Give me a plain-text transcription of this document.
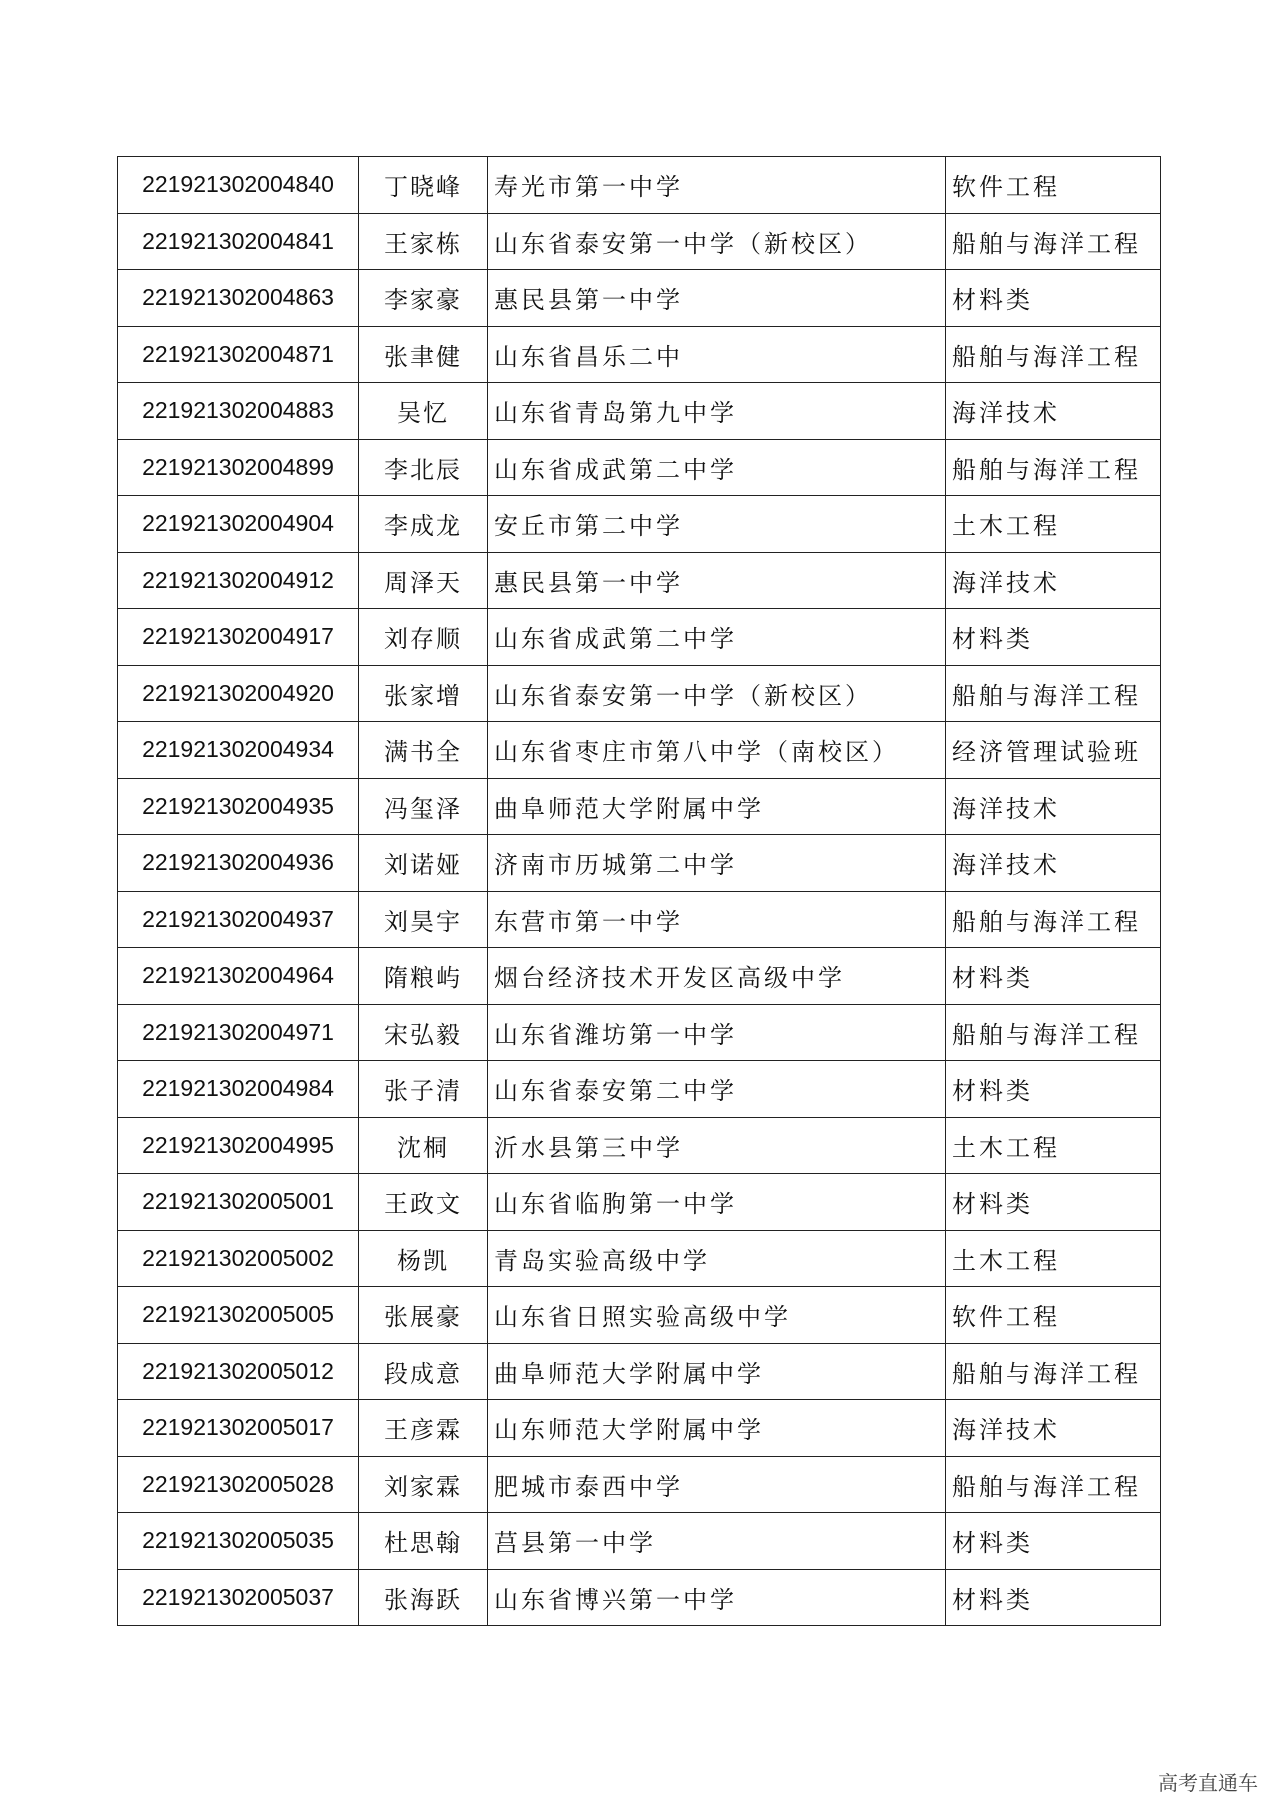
221921302004840	丁晓峰	寿光市第一中学	软件工程
221921302004841	王家栋	山东省泰安第一中学（新校区）	船舶与海洋工程
221921302004863	李家豪	惠民县第一中学	材料类
221921302004871	张聿健	山东省昌乐二中	船舶与海洋工程
221921302004883	吴忆	山东省青岛第九中学	海洋技术
221921302004899	李北辰	山东省成武第二中学	船舶与海洋工程
221921302004904	李成龙	安丘市第二中学	土木工程
221921302004912	周泽天	惠民县第一中学	海洋技术
221921302004917	刘存顺	山东省成武第二中学	材料类
221921302004920	张家增	山东省泰安第一中学（新校区）	船舶与海洋工程
221921302004934	满书全	山东省枣庄市第八中学（南校区）	经济管理试验班
221921302004935	冯玺泽	曲阜师范大学附属中学	海洋技术
221921302004936	刘诺娅	济南市历城第二中学	海洋技术
221921302004937	刘昊宇	东营市第一中学	船舶与海洋工程
221921302004964	隋粮屿	烟台经济技术开发区高级中学	材料类
221921302004971	宋弘毅	山东省潍坊第一中学	船舶与海洋工程
221921302004984	张子清	山东省泰安第二中学	材料类
221921302004995	沈桐	沂水县第三中学	土木工程
221921302005001	王政文	山东省临朐第一中学	材料类
221921302005002	杨凯	青岛实验高级中学	土木工程
221921302005005	张展豪	山东省日照实验高级中学	软件工程
221921302005012	段成意	曲阜师范大学附属中学	船舶与海洋工程
221921302005017	王彦霖	山东师范大学附属中学	海洋技术
221921302005028	刘家霖	肥城市泰西中学	船舶与海洋工程
221921302005035	杜思翰	莒县第一中学	材料类
221921302005037	张海跃	山东省博兴第一中学	材料类
高考直通车
